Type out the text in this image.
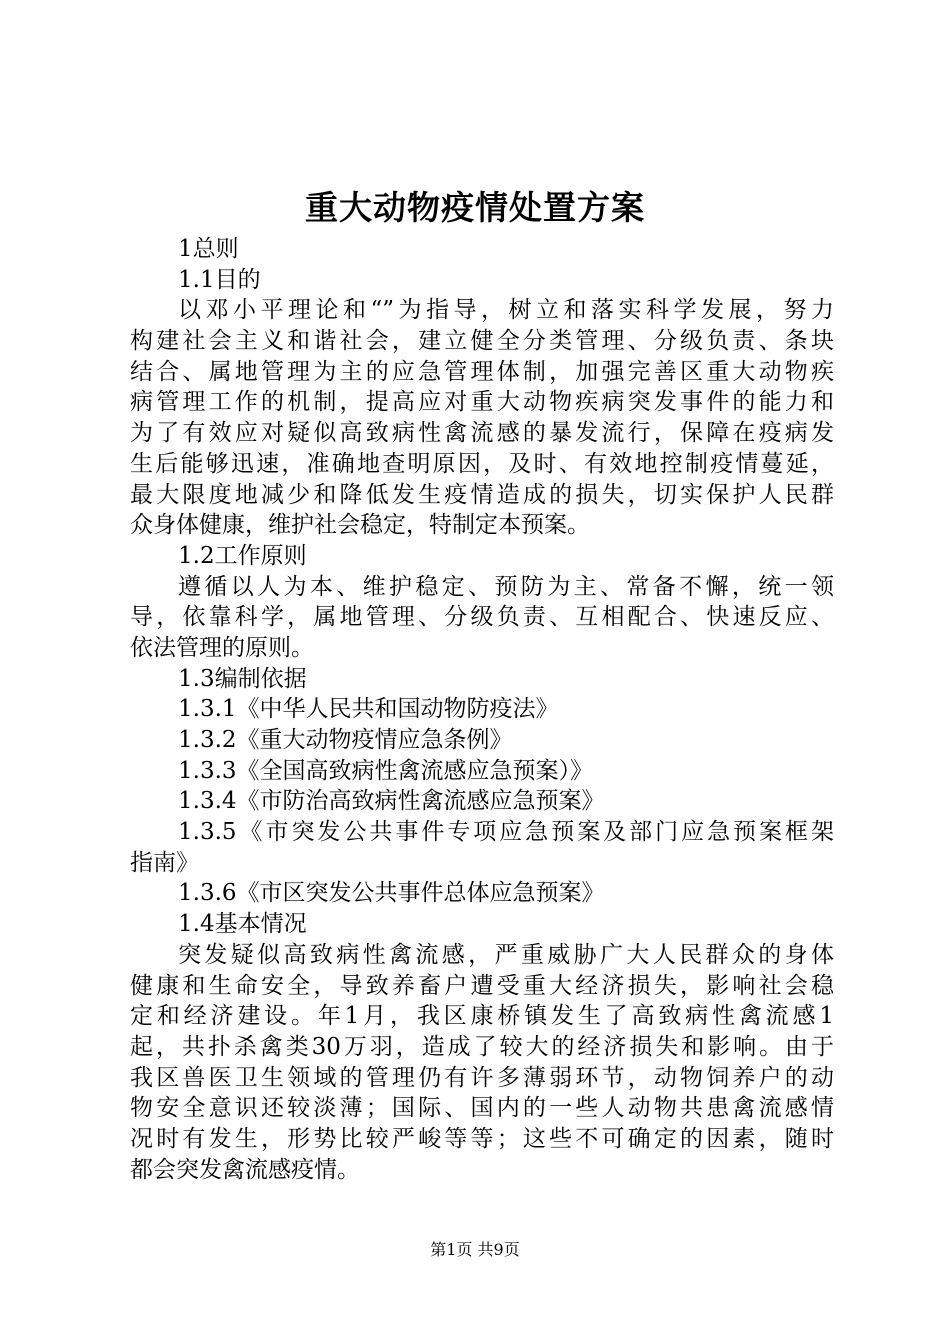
重大动物疫情处置方案
1总则
1.1目的
以邓小平理论和“”为指导，树立和落实科学发展，努力
构建社会主义和谐社会，建立健全分类管理、分级负责、条块
结合、属地管理为主的应急管理体制，加强完善区重大动物疾
病管理工作的机制，提高应对重大动物疾病突发事件的能力和
为了有效应对疑似高致病性禽流感的暴发流行，保障在疫病发
生后能够迅速，准确地查明原因，及时、有效地控制疫情蔓延，
最大限度地减少和降低发生疫情造成的损失，切实保护人民群
众身体健康，维护社会稳定，特制定本预案。
1.2工作原则
遵循以人为本、维护稳定、预防为主、常备不懈，统一领
导，依靠科学，属地管理、分级负责、互相配合、快速反应、
依法管理的原则。
1.3编制依据
1.3.1《中华人民共和国动物防疫法》
1.3.2《重大动物疫情应急条例》
1.3.3《全国高致病性禽流感应急预案）》
1.3.4《市防治高致病性禽流感应急预案》
1.3.5《市突发公共事件专项应急预案及部门应急预案框架
指南》
1.3.6《市区突发公共事件总体应急预案》
1.4基本情况
突发疑似高致病性禽流感，严重威胁广大人民群众的身体
健康和生命安全，导致养畜户遭受重大经济损失，影响社会稳
定和经济建设。年1月，我区康桥镇发生了高致病性禽流感1
起，共扑杀禽类30万羽，造成了较大的经济损失和影响。由于
我区兽医卫生领域的管理仍有许多薄弱环节，动物饲养户的动
物安全意识还较淡薄；国际、国内的一些人动物共患禽流感情
况时有发生，形势比较严峻等等；这些不可确定的因素，随时
都会突发禽流感疫情。
第1页 共9页
